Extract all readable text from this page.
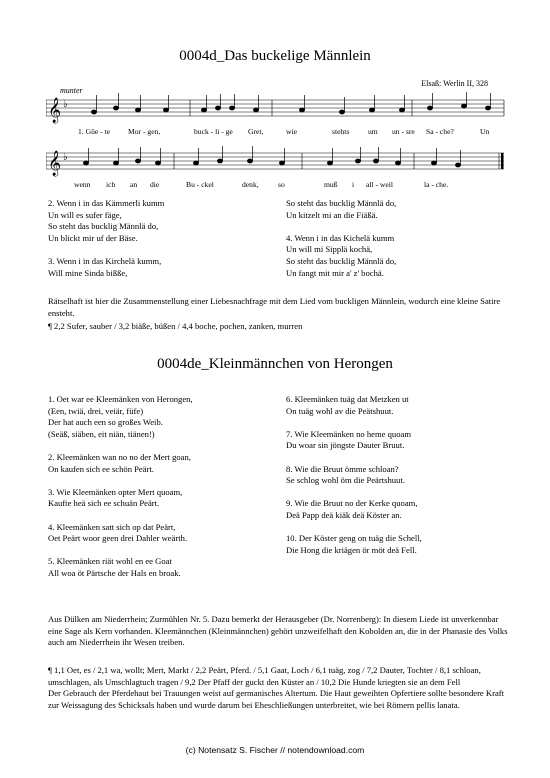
0004d_Das buckelige Männlein
Elsaß: Werlin II, 328
munter
𝄞 ♭
1. Güe - te Mor - gen,	buck - li - ge Gret,	wie	stehts um un - sre Sa - che?	Un
𝄞 ♭
wenn ich an die	Bu - ckel	denk,	so	muß i all - weil	la - che.
2. Wenn i in das Kämmerli kumm
Un will es sufer fäge,
So steht das bucklig Männlä do,
Un blickt mir uf der Bäse.

3. Wenn i in das Kirchelä kumm,
Will mine Sinda bißße,
So steht das bucklig Männlä do,
Un kitzelt mi an die Fiäßä.

4. Wenn i in das Kichelä kumm
Un will mi Sipplä kochä,
So steht das bucklig Männlä do,
Un fangt mit mir a' z' bochä.
Rätselhaft ist hier die Zusammenstellung einer Liebesnachfrage mit dem Lied vom buckligen Männlein, wodurch eine kleine Satire ensteht.
¶ 2,2 Sufer, sauber / 3,2 biäße, büßen / 4,4 boche, pochen, zanken, murren
0004de_Kleinmännchen von Herongen
1. Oet war ee Kleemänken von Herongen,
(Een, twiä, drei, veiär, füfe)
Der hat auch een so großes Weib.
(Seäß, siäben, eit niän, tiänen!)

2. Kleemänken wan no no der Mert goan,
On kaufen sich ee schön Peärt.

3. Wie Kleemänken opter Mert quoam,
Kaufte heä sich ee schuän Peärt.

4. Kleemänken satt sich op dat Peärt,
Oet Peärt woor geen drei Dahler weärth.

5. Kleemänken riät wohl en ee Goat
All woa öt Pärtsche der Hals en broak.
6. Kleemänken tuäg dat Metzken ut
On tuäg wohl av die Peätshuut.

7. Wie Kleemänken no heme quoam
Du woar sin jöngste Dauter Bruut.

8. Wie die Bruut ömme schloan?
Se schlog wohl öm die Peärtshuut.

9. Wie die Bruut no der Kerke quoam,
Deä Papp deä kiäk deä Köster an.

10. Der Köster geng on tuäg die Schell,
Die Hong die kriägen ör möt deä Fell.
Aus Dülken am Niederrhein; Zurmühlen Nr. 5. Dazu bemerkt der Herausgeber (Dr. Norrenberg): In diesem Liede ist unverkennbar eine Sage als Kern vorhanden. Kleemännchen (Kleinmännchen) gehört unzweifelhaft den Kobolden an, die in der Phanasie des Volks auch am Niederrhein ihr Wesen treiben.
¶ 1,1 Oet, es / 2,1 wa, wollt; Mert, Markt / 2,2 Peärt, Pferd. / 5,1 Gaat, Loch / 6,1 tuäg, zog / 7,2 Dauter, Tochter / 8,1 schloan, umschlagen, als Umschlagtuch tragen / 9,2 Der Pfaff der guckt den Küster an / 10,2 Die Hunde kriegten sie an dem Fell
Der Gebrauch der Pferdehaut bei Trauungen weist auf germanisches Altertum. Die Haut geweihten Opfertiere sollte besondere Kraft zur Weissagung des Schicksals haben und wurde darum bei Eheschließungen unterbreitet, wie bei Römern pellis lanata.
(c) Notensatz S. Fischer // notendownload.com
